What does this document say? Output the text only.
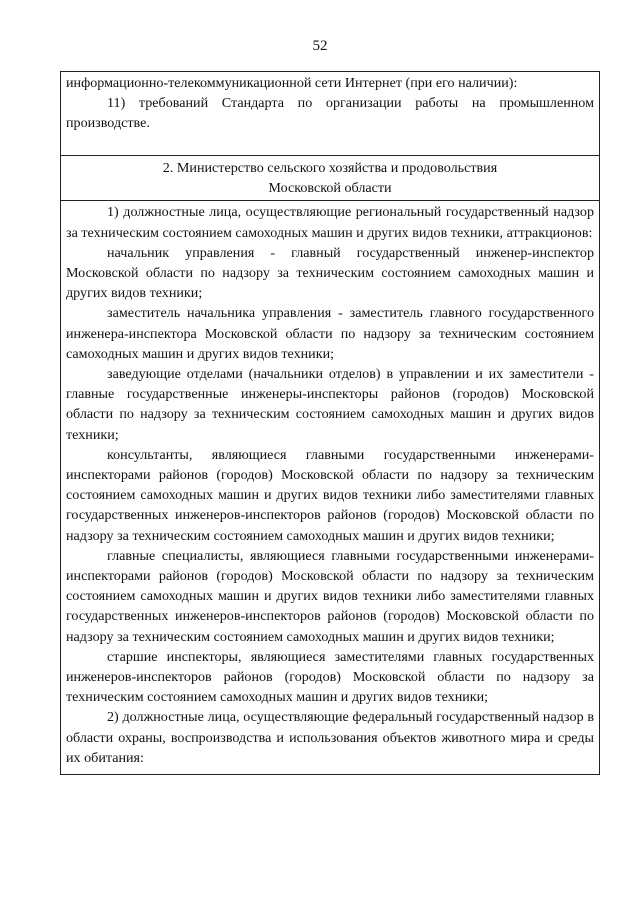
52

информационно-телекоммуникационной сети Интернет (при его наличии):

11) требований Стандарта по организации работы на промышленном производстве.

2. Министерство сельского хозяйства и продовольствия
Московской области

1) должностные лица, осуществляющие региональный государственный надзор за техническим состоянием самоходных машин и других видов техники, аттракционов:

начальник управления - главный государственный инженер-инспектор Московской области по надзору за техническим состоянием самоходных машин и других видов техники;

заместитель начальника управления - заместитель главного государственного инженера-инспектора Московской области по надзору за техническим состоянием самоходных машин и других видов техники;

заведующие отделами (начальники отделов) в управлении и их заместители - главные государственные инженеры-инспекторы районов (городов) Московской области по надзору за техническим состоянием самоходных машин и других видов техники;

консультанты, являющиеся главными государственными инженерами-инспекторами районов (городов) Московской области по надзору за техническим состоянием самоходных машин и других видов техники либо заместителями главных государственных инженеров-инспекторов районов (городов) Московской области по надзору за техническим состоянием самоходных машин и других видов техники;

главные специалисты, являющиеся главными государственными инженерами-инспекторами районов (городов) Московской области по надзору за техническим состоянием самоходных машин и других видов техники либо заместителями главных государственных инженеров-инспекторов районов (городов) Московской области по надзору за техническим состоянием самоходных машин и других видов техники;

старшие инспекторы, являющиеся заместителями главных государственных инженеров-инспекторов районов (городов) Московской области по надзору за техническим состоянием самоходных машин и других видов техники;

2) должностные лица, осуществляющие федеральный государственный надзор в области охраны, воспроизводства и использования объектов животного мира и среды их обитания:
